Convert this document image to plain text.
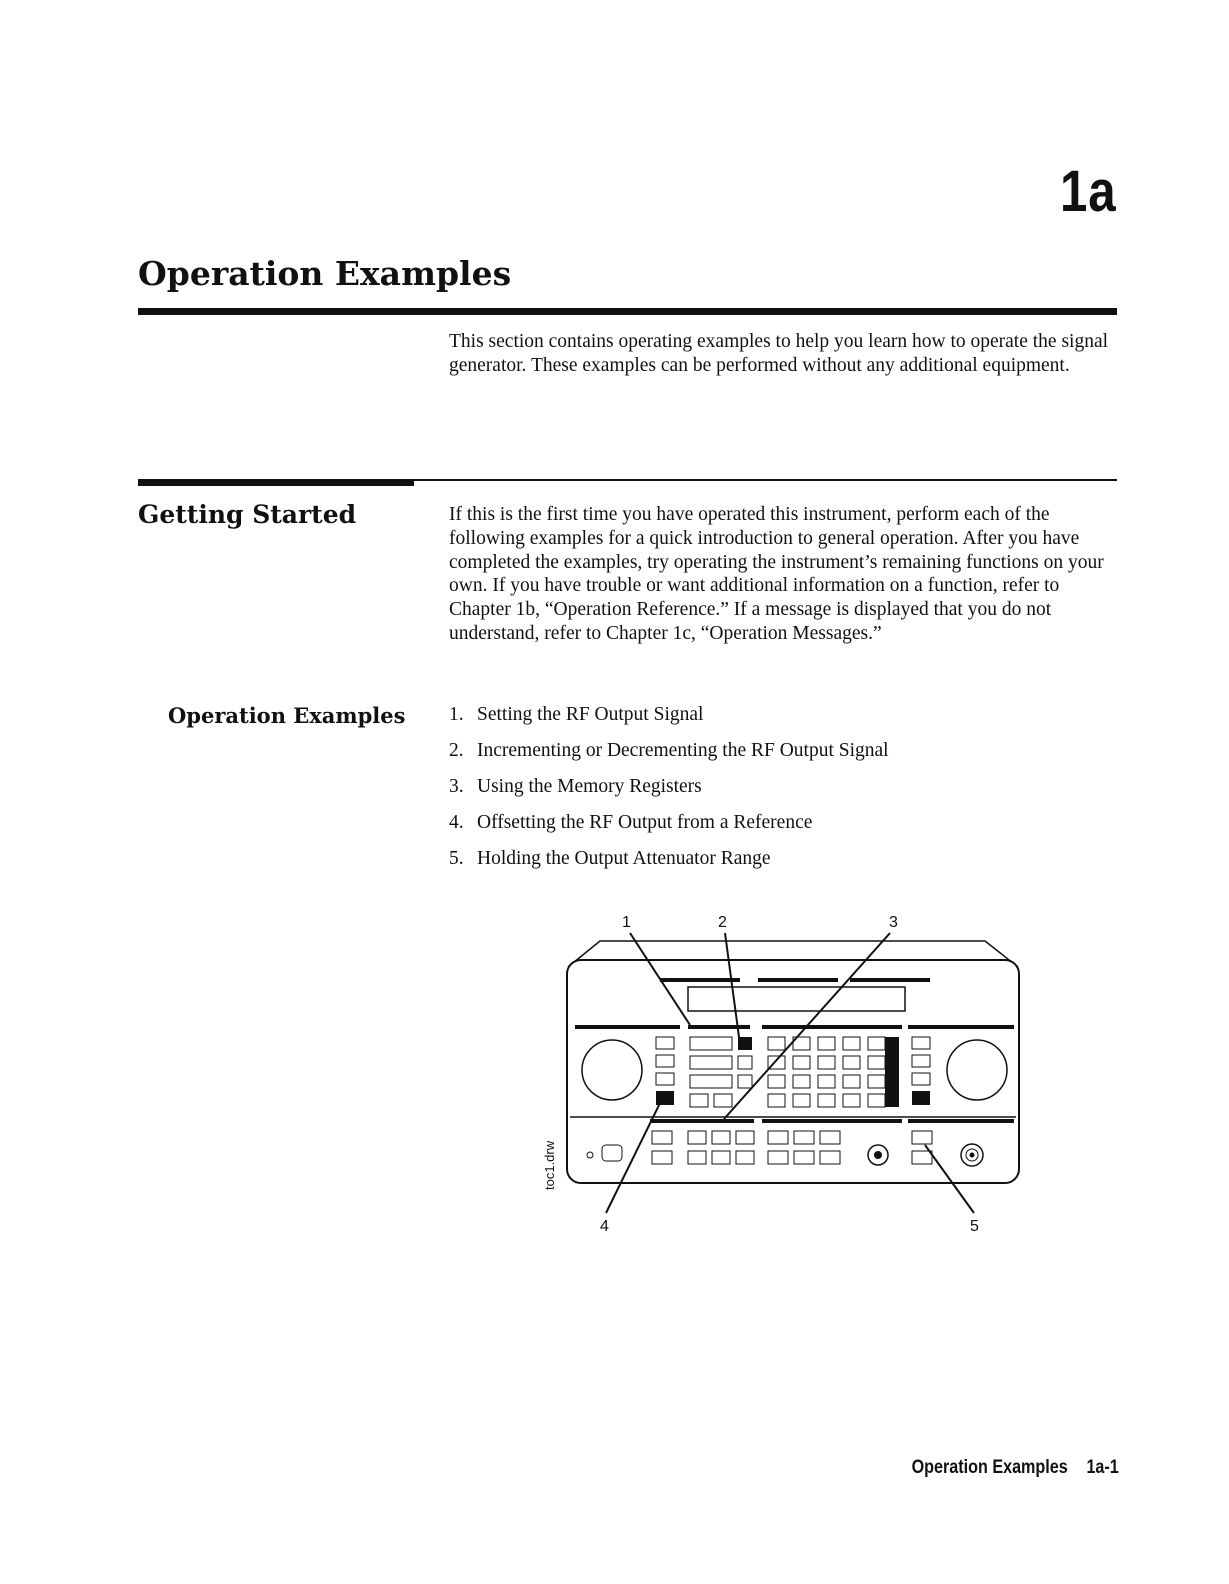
1a
Operation Examples

This section contains operating examples to help you learn how to operate the signal generator. These examples can be performed without any additional equipment.

Getting Started	If this is the first time you have operated this instrument, perform each of the following examples for a quick introduction to general operation. After you have completed the examples, try operating the instrument’s remaining functions on your own. If you have trouble or want additional information on a function, refer to Chapter 1b, “Operation Reference.” If a message is displayed that you do not understand, refer to Chapter 1c, “Operation Messages.”

Operation Examples 1. Setting the RF Output Signal
2. Incrementing or Decrementing the RF Output Signal
3. Using the Memory Registers
4. Offsetting the RF Output from a Reference
5. Holding the Output Attenuator Range
1	2	3
4	5
toc1.drw
Operation Examples 1a-1
